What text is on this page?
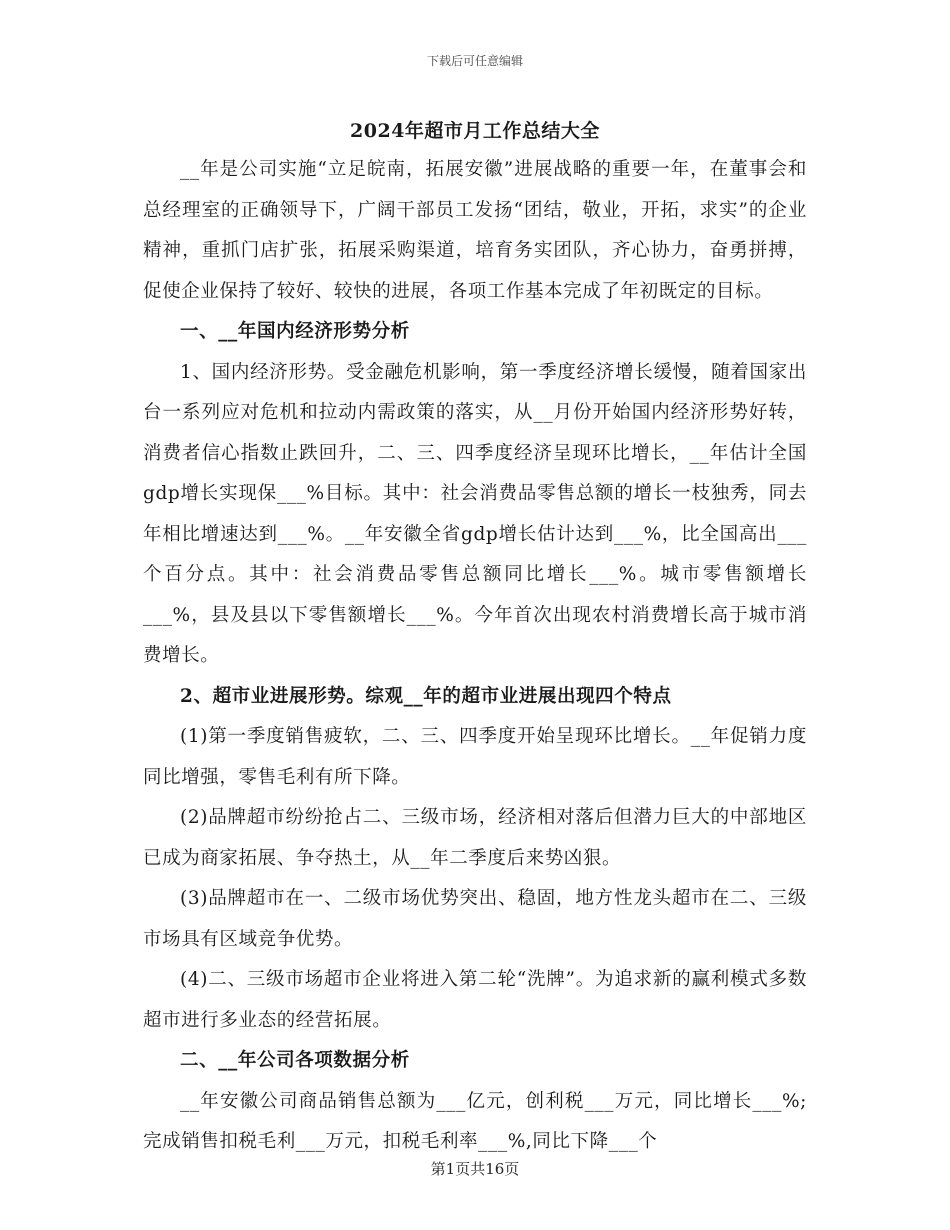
下载后可任意编辑
2024年超市月工作总结大全

__年是公司实施“立足皖南，拓展安徽”进展战略的重要一年，在董事会和总经理室的正确领导下，广阔干部员工发扬“团结，敬业，开拓，求实”的企业精神，重抓门店扩张，拓展采购渠道，培育务实团队，齐心协力，奋勇拼搏，促使企业保持了较好、较快的进展，各项工作基本完成了年初既定的目标。

一、__年国内经济形势分析

1、国内经济形势。受金融危机影响，第一季度经济增长缓慢，随着国家出台一系列应对危机和拉动内需政策的落实，从__月份开始国内经济形势好转，消费者信心指数止跌回升，二、三、四季度经济呈现环比增长，__年估计全国gdp增长实现保___%目标。其中：社会消费品零售总额的增长一枝独秀，同去年相比增速达到___%。__年安徽全省gdp增长估计达到___%，比全国高出___个百分点。其中：社会消费品零售总额同比增长___%。城市零售额增长___%，县及县以下零售额增长___%。今年首次出现农村消费增长高于城市消费增长。

2、超市业进展形势。综观__年的超市业进展出现四个特点

(1)第一季度销售疲软，二、三、四季度开始呈现环比增长。__年促销力度同比增强，零售毛利有所下降。

(2)品牌超市纷纷抢占二、三级市场，经济相对落后但潜力巨大的中部地区已成为商家拓展、争夺热土，从__年二季度后来势凶狠。

(3)品牌超市在一、二级市场优势突出、稳固，地方性龙头超市在二、三级市场具有区域竞争优势。

(4)二、三级市场超市企业将进入第二轮“洗牌”。为追求新的赢利模式多数超市进行多业态的经营拓展。

二、__年公司各项数据分析

__年安徽公司商品销售总额为___亿元，创利税___万元，同比增长___%;完成销售扣税毛利___万元，扣税毛利率___%,同比下降___个

第1页共16页
